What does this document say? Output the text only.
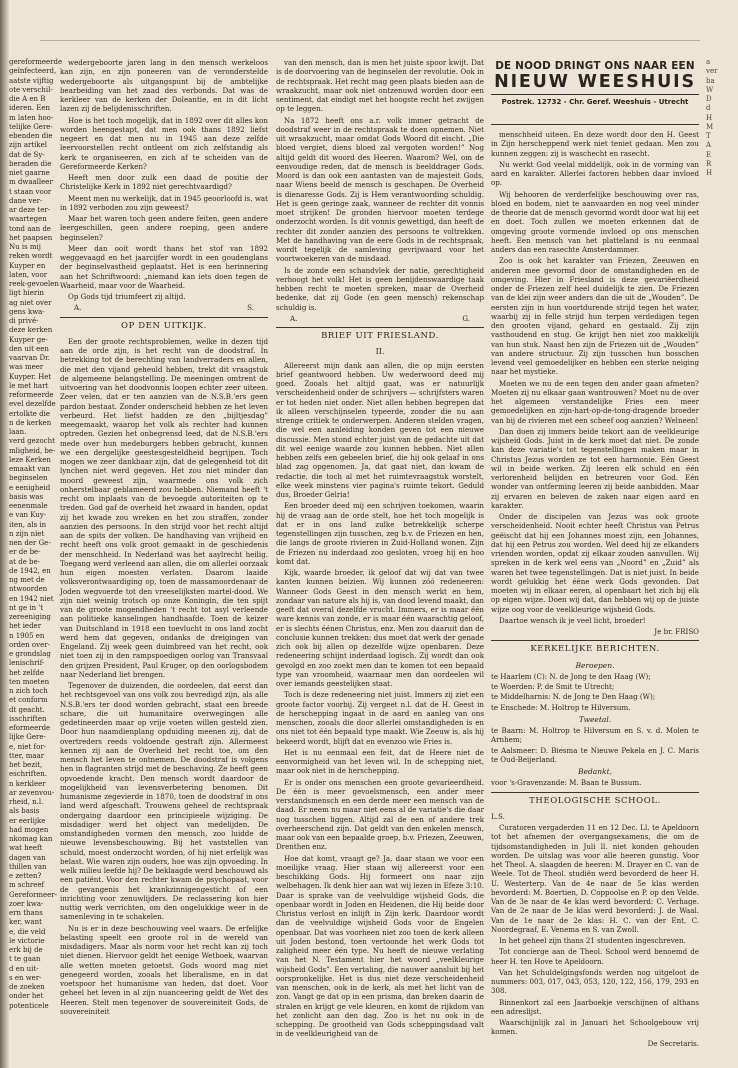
gereformeerde
geïnfecteerd,
aatste vijftig
ote verschil-
die A en B
ideren. Een
m laten hoo-
telijke Gere-
ebenden die
zijn artikel
dat de Sy-
beraden die
niet gaarne
m dwaalleer
t staan voor
dane ver-
ar deze ter-
waartegen
tond aan de
het paapsen
Nu is mij
reken wordt
Kuyper en
laten, voor
reek-gevoelen
ligt hierin
ag niet over
gens kwa-
di privé-
deze kerken
Kuyper ge-
den uit een
vaarvan Dr.
was meer
Kuyper. Het
le met hart
reformeerde
evel dezelfde
ertolkte die
n de kerken
laan.
verd gezocht
mligheid, be-
leze Kerken
emaakt van
beginselen
e eenigheid
basis was
eenenmale
e van Kuy-
iten, als in
n zijn niet
nen der Ge-
er de be-
at de be-
de 1942, en
ng met de
ntwoorden
en 1942 niet
nt ge in 't
zereeniging
het ieder
n 1905 en
orden over-
e grondslag
lenischrif-
het zelfde
ten moeten
n zich toch
et conform
dt geacht.
isschriften
eformeerde
lijke Gere-
e, niet for-
tter, maar
het bezit,
eschriften.
n kerkleer
ar zevenvou-
rheid, n.l.
als basis
er eerlijke
had mogen
nkomag kan
wat heeft
dagen van
thillen van
e zetten?
m schreef
Gereformeer-
zoer kwa-
ern thans
ker, want
e, die veld
le victorie
erk bij de
t te gaan
d en uit-
s en wer-
de zoeken
onder het
potenticele

wedergeboorte jaren lang in den mensch werkeloos kan zijn, en zijn poneeren van de veronderstelde wedergeboorte als uitgangspunt bij de ambtelijke bearbeiding van het zaad des verbonds. Dat was de kerkleer van de kerken der Doleantie, en in dit licht lazen zij de belijdenisschriften.

Hoe is het toch mogelijk, dat in 1892 over dit alles kon worden heengestapt, dat men ook thans 1892 liefst negeert en dat men nu in 1945 aan deze zelfde leervoorstellen recht ontleent om zich zelfstandig als kerk te organiseeren, en zich af te scheiden van de Gereformeerde Kerken?

Heeft men door zulk een daad de positie der Christelijke Kerk in 1892 niet gerechtvaardigd?

Meent men nu werkelijk, dat in 1945 geoorloofd is, wat in 1892 verboden zou zijn geweest?

Maar het waren toch geen andere feiten, geen andere leergeschillen, geen andere roeping, geen andere beginselen?

Meer dan ooit wordt thans het stof van 1892 weggevaagd en het jaarcijfer wordt in een goudenglans der beginselvastheid geplaatst. Het is een herinnering aan het Schriftwoord: „niemand kan iets doen tegen de Waarheid, maar voor de Waarheid.

Op Gods tijd triumfeert zij altijd.

A.	S.
OP DEN UITKIJK.

Een der groote rechtsproblemen, welke in dezen tijd aan de orde zijn, is het recht van de doodstraf. In betrekking tot de berechting van landverraders en allen, die met den vijand geheuld hebben, trekt dit vraagstuk de algemeene belangstelling. De meeningen omtrent de uitvoering van het doodvonnis loopen echter zeer uiteen. Zeer velen, dat er ten aanzien van de N.S.B.'ers geen pardon bestaat. Zonder onderscheid hebben ze het leven verbeurd. Het liefst hadden ze den „bijltjesdag” meegemaakt, waarop het volk als rechter had kunnen optreden. Gezien het onbegrensd leed, dat de N.S.B.'ers mede over hun medeburgers hebben gebracht, kunnen we een dergelijke geestesgesteldheid begrijpen. Toch mogen we zeer dankbaar zijn, dat de gelegenheid tot dit lynchen niet werd gegeven. Het zou niet minder dan moord geweest zijn, waarmede ons volk zich onherstelbaar geblameerd zou hebben. Niemand heeft 't recht om inplaats van de bevoegde autoriteiten op te treden. God gaf de overheid het zwaard in handen, opdat zij het kwade zou wreken en het zou straffen, zonder aanzien des persoons. In den strijd voor het recht altijd aan de spits der volken. De handhaving van vrijheid en recht heeft ons volk groot gemaakt in de geschiedenis der menschheid. In Nederland was het aaylrecht heilig. Toegang werd verleend aan allen, die om allerlei oorzaak hun eigen moesten verlaten. Daarom laaide volksverontwaardiging op, toen de massamoordenaar de Joden wegvoerde tot den vreeselijksten martel-dood. We zijn niet weinig trotsch op onze Koningin, die ten spijt van de groote mogendheden 't recht tot asyl verleende aan politieke kanselingen handhaafde. Toen de keizer van Duitschland in 1918 een toevlucht in ons land zocht werd hem dat gegeven, ondanks de dreigingen van Engeland. Zij week geen duimbreed van het recht, ook niet toen zij in den rampspoedigen oorlog van Transvaal den grijzen President, Paul Kruger, op den oorlogsbodem naar Nederland liet brengen.

Tegenover de duizenden, die oordeelen, dat eerst dan het rechtsgevoel van ons volk zou bevredigd zijn, als alle N.S.B.'ers ter dood worden gebracht, staat een breede schare, die uit humanitaire overwegingen alle gedetineerden maar op vrije voeten willen gesteld zien. Door hun naamdienplang opduiding meenen zij, dat de overtreders reeds voldoende gestraft zijn. Allermeest kennen zij aan de Overheid het recht toe, om den mensch het leven te ontnemen. De doodstraf is volgens hen in flagranten strijd met de beschaving. Ze heeft geen opvoedende kracht. Den mensch wordt daardoor de mogelijkheid van levensverbetering benomen. Dit humanisme zegevierde in 1870, toen de doodstraf in ons land werd afgeschaft. Trouwens geheel de rechtspraak ondergaing daardoor een principieele wijziging. De misdadiger werd het object van medelijden. De omstandigheden vormen den mensch, zoo luidde de nieuwe levensbeschouwing. Bij het vaststellen van schuld, moest onderzocht worden, of hij niet erfelijk was belast. Wie waren zijn ouders, hoe was zijn opvoeding. In welk milieu leefde hij? De beklaagde werd beschouwd als een patiënt. Voor den rechter kwam de psychopaat, voor de gevangenis het krankzinnigengesticht of een inrichting voor zenuwlijders. De reclassering kon hier nuttig werk verrichten, om den ongelukkige weer in de samenleving in te schakelen.

Nu is er in deze beschouwing veel waars. De erfelijke belasting speelt een groote rol in de wereld van misdadigers. Maar als norm voor het recht kan zij toch niet dienen. Hiervoor geldt het eenige Wetboek, waarvan alle wetten moeten getoetst. Gods woord mag niet genegeerd worden, zooals het liberalisme, en in dat voetspoor het humanisme van heden, dat doet. Voor geheel het leven in al zijn nuanceering geldt de Wet des Heeren. Stelt men tegenover de souvereiniteit Gods, de souvereiniteit

van den mensch, dan is men het juiste spoor kwijt. Dat is de doorvoering van de beginselen der revolutie. Ook in de rechtspraak. Het recht mag geen plaats bieden aan de wraakzucht, maar ook niet ontzenuwd worden door een sentiment, dat eindigt met het hoogste recht het zwijgen op te leggen.

Na 1872 heeft ons a.r. volk immer getracht de doodstraf weer in de rechtspraak te doen opnemen. Niet uit wraakzucht, maar omdat Gods Woord dit eischt. „Die bloed vergiet, diens bloed zal vergoten worden!” Nog altijd geldt dit woord des Heeren. Waarom? Wel, om de eenvoudige reden, dat de mensch is beelddrager Gods. Moord is dan ook een aantasten van de majesteit Gods, naar Wiens beeld de mensch is geschapen. De Overheid is dienaresse Gods. Zij is Hem verantwoording schuldig. Het is geen geringe zaak, wanneer de rechter dit vonnis moet strijken! De gronden hiervoor moeten terdege onderzocht worden. Is dit vonnis gewettigd, dan heeft de rechter dit zonder aanzien des persoons te voltrekken. Met de handhaving van de eere Gods in de rechtspraak, wordt tegelijk de samleving gevrijwaard voor het voortwoekeren van de misdaad.

Is de zonde een schandvlek der natie, gerechtigheid verhoogt het volk! Het is geen benijdenswaardige taak hebben recht te moeten spreken, maar de Overheid bedenke, dat zij Gode (en geen mensch) rekenschap schuldig is.

A.	G.
BRIEF UIT FRIESLAND.
II.

Allereerst mijn dank aan allen, die op mijn eersten brief geantwoord hebben. Uw wederwoord deed mij goed. Zooals het altijd gaat, was er natuurlijk verscheidenheid onder de schrijvers — schrijfsters waren er tot heden niet onder. Niet allen hebben begrepen dat ik alleen verschijnselen typeerde, zonder die nu aan strenge critiek te onderwerpen. Anderen stelden vragen, die wel een aanleiding konden geven tot een nieuwe discussie. Men stond echter juist van de gedachte uit dat dit wel eenige waarde zou kunnen hebben. Niet allen hebben zelfs een gebeelen brief, die hij ook gelaaf in ons blad zag opgenomen. Ja, dat gaat niet, dan kwam de redactie, die toch al met het ruimtevraagstuk worstelt, elke week minstens vier pagina's ruimte tekort. Geduld dus, Broeder Gelria!

Een broeder deed mij een schrijven toekomen, waarin hij de vraag aan de orde stelt, hoe het toch mogelijk is dat er in ons land zulke betrekkelijk scherpe tegenstellingen zijn tusschen, zeg b.v. de Friezen en hen, die langs de groote rivieren in Zuid-Holland wonen. Zijn de Friezen nu inderdaad zoo gesloten, vroeg hij en hoo komt dat.

Kijk, waarde broeder, ik geloof dat wij dat van twee kanten kunnen beizien. Wij kunnen zóó redeneeren: Wanneer Gods Geest in den mensch werkt en hem, zondaar van nature als hij is, van dood levend maakt, dan geeft dat overal dezelfde vrucht. Immers, er is maar één ware kennis van zonde, er is maar één waarachtig geloof, er is slechts éénen Christus, enz. Men zou daaruit dan de conclusie kunnen trekken: dus moet dat werk der genade zich ook bij allen op dezelfde wijze openbaren. Deze redeneering schijnt inderdaad logisch. Zij wordt dan ook gevolgd en zoo zoekt men dan te komen tot een bepaald type van vroomheid, waarnaar men dan oordeelen wil over iemands geestelijken staat.

Toch is deze redeneering niet juist. Immers zij ziet een groote factor voorbij. Zij vergeet n.l. dat de H. Geest in de herschepping ingaat in de aard en aanleg van ons menschen, zooals die door allerlei omstandigheden is en ons niet tot één bepaald type maakt. Wie Zeeuw is, als hij bekeerd wordt, blijft dat en evenzoo wie Fries is.

Het is nu eenmaal een feit, dat de Heere niet de eenvormigheid van het leven wil. In de schepping niet, maar ook niet in de herschepping.

Er is onder ons menschen een groote gevarieerdheid. De één is meer gevoelsmensch, een ander meer verstandsmensch en een derde meer een mensch van de daad. Er neem nu maar niet eens al de variatie's die daar nog tusschen liggen. Altijd zal de een of andere trek overheerschend zijn. Dat geldt van den enkelen mensch, maar ook van een bepaalde groep, b.v. Friezen, Zeeuwen, Drenthen enz.

Hoe dat komt, vraagt ge? Ja, daar staan we voor een moeilijke vraag. Hier staan wij allereerst voor een beschikking Gods. Hij formeert ons naar zijn welbehagen. Ik denk hier aan wat wij lezen in Efeze 3:10. Daar is sprake van de veelvuldige wijsheid Gods, die openbaar wordt in Joden en Heidenen, die Hij beide door Christus verlost en inlijft in Zijn kerk. Daardoor wordt dan de veelvuldige wijsheid Gods voor de Engelen openbaar. Dat was voorheen niet zoo toen de kerk alleen uit Joden bestond, toen vertoonde het werk Gods tot zaligheid meer één type. Nu heeft de nieuwe verlating van het N. Testament hier het woord „veelkleurige wijsheid Gods”. Een vertaling, die nauwer aansluit bij het oorspronkelijke. Het is dus niet deze verscheidenheid van menschen, ook in de kerk, als met het licht van de zon. Vangt ge dat op in een prisma, dan breken daarin de stralen en krijgt ge vele kleuren, en komt de rijkdom van het zonlicht aan den dag. Zoo is het nu ook in de schepping. De grootheid van Gods scheppingsdaad valt in de veelkleurigheid van de

DE NOOD DRINGT ONS NAAR EEN
NIEUW WEESHUIS
Postrek. 12732 - Chr. Geref. Weeshuis - Utrecht

menschheid uiteen. En deze wordt door den H. Geest in Zijn herscheppend werk niet teniet gedaan. Men zou kunnen zeggen: zij is waschecht en rasecht.

Nu werkt God veelal middelijk, ook in de vorming van aard en karakter. Allerlei factoren hebben daar invloed op.

Wij behooren de verderfelijke beschouwing over ras, bloed en bodem, niet te aanvaarden en nog veel minder de theorie dat de mensch gevormd wordt door wat hij eet en doet. Toch zullen we moeten erkennen dat de omgeving groote vormende invloed op ons menschen heeft. Een mensch van het platteland is nu eenmaal anders dan een rasechte Amsterdammer.

Zoo is ook het karakter van Friezen, Zeeuwen en anderen mee gevormd door de omstandigheden en de omgeving. Hier in Friesland is deze gevariëerdheid onder de Friezen zelf heel duidelijk te zien. De Friezen van de klei zijn weer anders dan die uit de „Wouden”. De eersten zijn in hun voortdurende strijd tegen het water, waarbij zij in felle strijd hun terpen verdedigen tegen den grooten vijand, gehard en gestaald. Zij zijn vasthoudend en stug. Ge krijgt hen niet zoo makkelijk van hun stuk. Naast hen zijn de Friezen uit de „Wouden” van andere structuur. Zij zijn tusschen hun bosschen levend veel gemoedelijker en hebben een sterke neiging naar het mystieke.

Moeten we nu de een tegen den ander gaan afmeten? Moeten zij nu elkaar gaan wantrouwen? Moet nu de over het algemeen verstandelijke Fries een meer gemoedelijken en zijn-hart-op-de-tong-dragende broeder van bij de rivieren met een scheef oog aanzien? Welneen!

Dan doen zij immers beide tekort aan de veelkleurige wijsheid Gods. Juist in de kerk moet dat niet. De zonde kan deze variatie's tot tegenstellingen maken maar in Christus Jezus worden ze tot een harmonie. Eén Geest wil in beide werken. Zij leeren elk schuld en één verlorenheid belijden en betreuren voor God. Eén wonder van ontferming leeren zij beide aanbidden. Maar zij ervaren en beleven de zaken naar eigen aard en karakter.

Onder de discipelen van Jezus was ook groote verscheidenheid. Nooit echter heeft Christus van Petrus geëischt dat hij een Johannes moest zijn, een Johannes, dat hij een Petrus zou worden. Wel deed hij ze elkanders vrienden worden, opdat zij elkaar zouden aanvullen. Wij spreken in de kerk wel eens van „Noord” en „Zuid” als waren het twee tegenstellingen. Dat is niet juist. In beide wordt gelukkig het ééne werk Gods gevonden. Dat moeten wij in elkaar eeren, al openbaart het zich bij elk op eigen wijze. Doen wij dat, dan hebben wij op de juiste wijze oog voor de veelkleurige wijsheid Gods.

Daartoe wensch ik je veel licht, broeder!

Je br. FRISO

KERKELIJKE BERICHTEN.
Beroepen.

te Haarlem (C): N. de Jong te den Haag (W);

te Woerden: P. de Smit te Utrecht;

te Middelharnis: N. de Jong te Den Haag (W);

te Enschede: M. Holtrop te Hilversum.

Tweetal.

te Baarn: M. Holtrop te Hilversum en S. v. d. Molen te Arnhem;

te Aalsmeer: D. Biesma te Nieuwe Pekela en J. C. Maris te Oud-Beijerland.

Bedankt,

voor 's-Gravenzande: M. Baan te Bussum.

THEOLOGISCHE SCHOOL.

L.S.

Curatoren vergaderden 11 en 12 Dec. Ll. te Apeldoorn tot het afnemen der overgangsexamens, die om de tijdsomstandigheden in Juli ll. niet konden gehouden worden. De uitslag was voor alle heeren gunstig. Voor het Theol. A. slaagden de heeren: M. Drayer en C. van de Weele. Tot de Theol. studiën werd bevorderd de heer H. U. Westerterp. Van de 4e naar de 5e klas werden bevorderd: M. Boertien, D. Coppoolse en P. op den Velde. Van de 3e naar de 4e klas werd bevorderd: C. Verhage. Van de 2e naar de 3e klas werd bevorderd: J. de Waal. Van de 1e naar de 2e klas: H. C. van der Ent, C. Noordegraaf, E. Venema en S. van Zwoll.

In het geheel zijn thans 21 studenten ingeschreven.

Tot concierge aan de Theol. School werd benoemd de heer H. ten Hove te Apeldoorn.

Van het Schuldelgingsfonds werden nog uitgeloot de nummers: 003, 017, 043, 053, 120, 122, 156, 179, 293 en 308.

Binnenkort zal een Jaarboekje verschijnen of althans een adreslijst.

Waarschijnlijk zal in Januari het Schoolgebouw vrij komen.

De Secretaris.

a
ver
ba
W
D
d
H
M
T
A
E
R
H
